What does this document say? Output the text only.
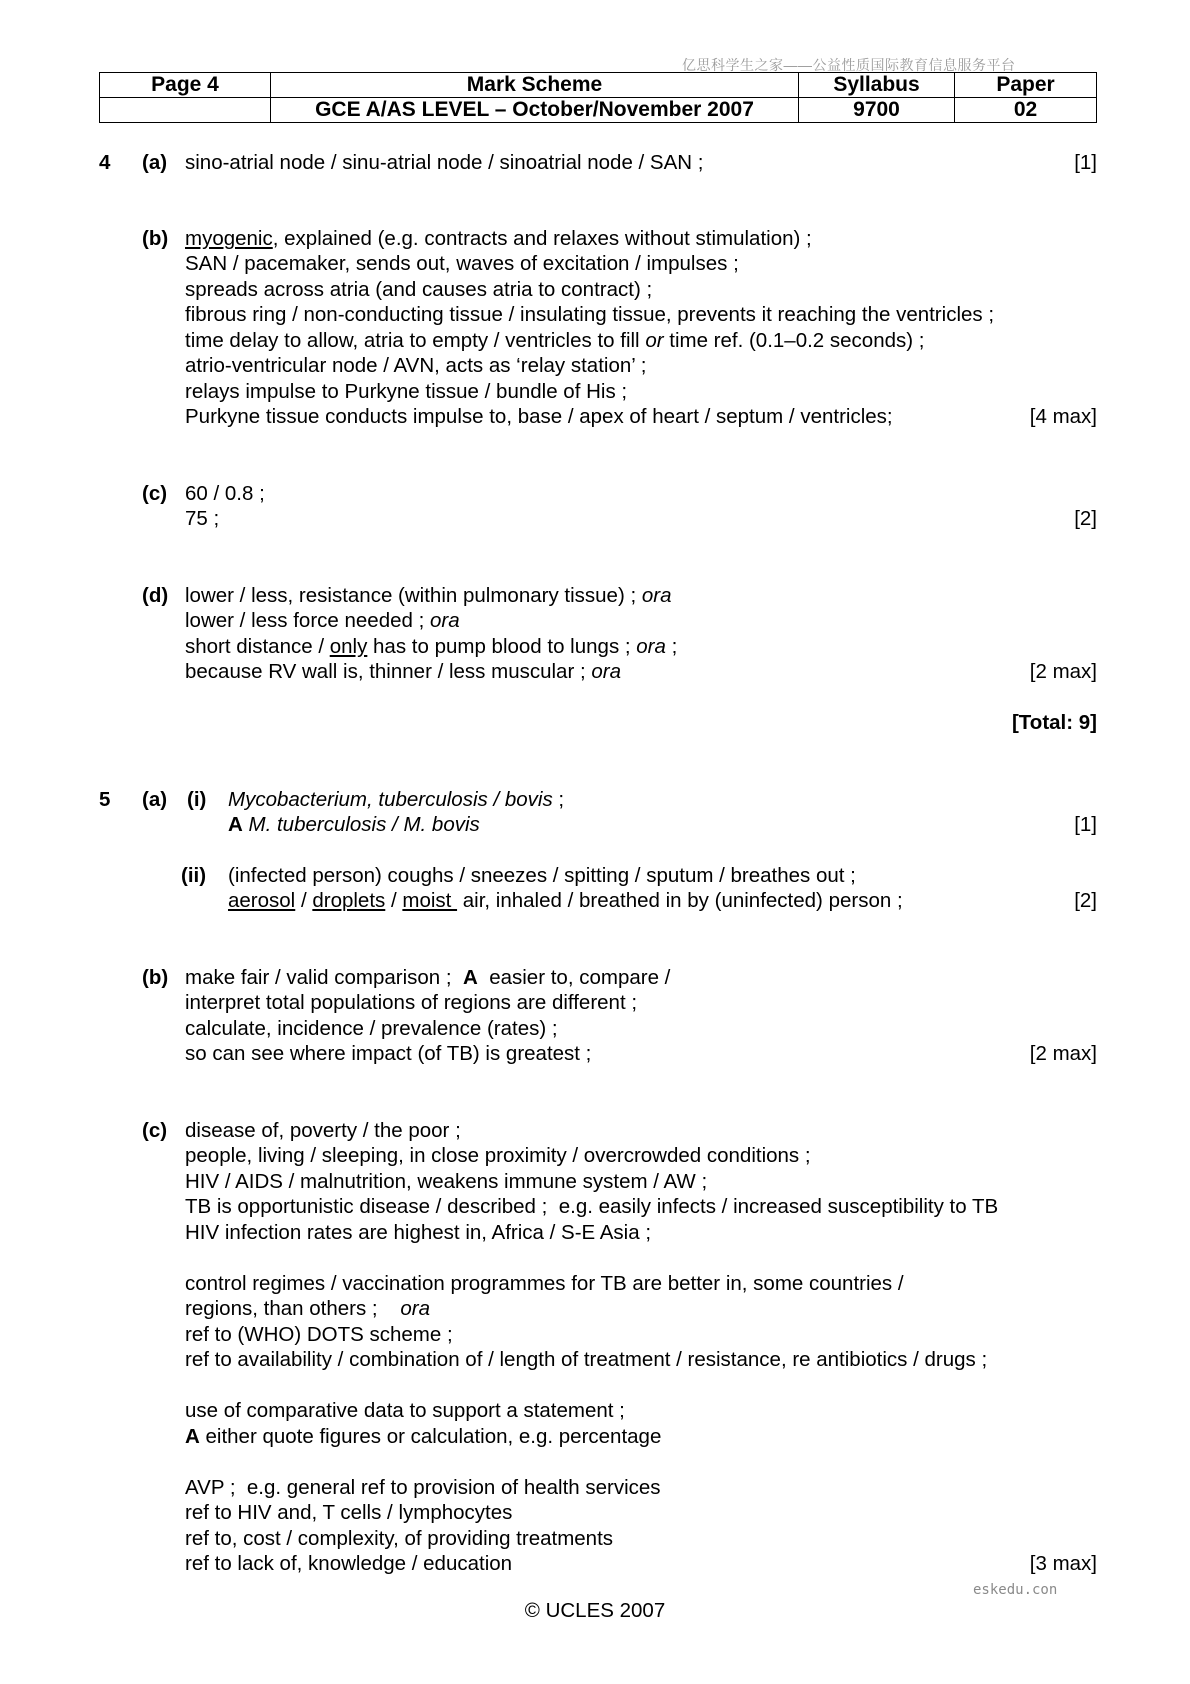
亿思科学生之家——公益性质国际教育信息服务平台
Page 4	Mark Scheme	Syllabus	Paper
	GCE A/AS LEVEL – October/November 2007	9700	02
4 (a) sino-atrial node / sinu-atrial node / sinoatrial node / SAN ;	[1]
(b) myogenic, explained (e.g. contracts and relaxes without stimulation) ;
SAN / pacemaker, sends out, waves of excitation / impulses ;
spreads across atria (and causes atria to contract) ;
fibrous ring / non-conducting tissue / insulating tissue, prevents it reaching the ventricles ;
time delay to allow, atria to empty / ventricles to fill or time ref. (0.1–0.2 seconds) ;
atrio-ventricular node / AVN, acts as ‘relay station’ ;
relays impulse to Purkyne tissue / bundle of His ;
Purkyne tissue conducts impulse to, base / apex of heart / septum / ventricles;	[4 max]
(c) 60 / 0.8 ;
75 ;	[2]
(d) lower / less, resistance (within pulmonary tissue) ; ora
lower / less force needed ; ora
short distance / only has to pump blood to lungs ; ora ;
because RV wall is, thinner / less muscular ; ora	[2 max]
[Total: 9]
5 (a) (i) Mycobacterium, tuberculosis / bovis ;
A M. tuberculosis / M. bovis	[1]
(ii) (infected person) coughs / sneezes / spitting / sputum / breathes out ;
aerosol / droplets / moist  air, inhaled / breathed in by (uninfected) person ;	[2]
(b) make fair / valid comparison ;  A  easier to, compare /
interpret total populations of regions are different ;
calculate, incidence / prevalence (rates) ;
so can see where impact (of TB) is greatest ;	[2 max]
(c) disease of, poverty / the poor ;
people, living / sleeping, in close proximity / overcrowded conditions ;
HIV / AIDS / malnutrition, weakens immune system / AW ;
TB is opportunistic disease / described ;  e.g. easily infects / increased susceptibility to TB
HIV infection rates are highest in, Africa / S-E Asia ;
control regimes / vaccination programmes for TB are better in, some countries /
regions, than others ;    ora
ref to (WHO) DOTS scheme ;
ref to availability / combination of / length of treatment / resistance, re antibiotics / drugs ;
use of comparative data to support a statement ;
A either quote figures or calculation, e.g. percentage
AVP ;  e.g. general ref to provision of health services
ref to HIV and, T cells / lymphocytes
ref to, cost / complexity, of providing treatments
ref to lack of, knowledge / education	[3 max]
eskedu.con
© UCLES 2007
